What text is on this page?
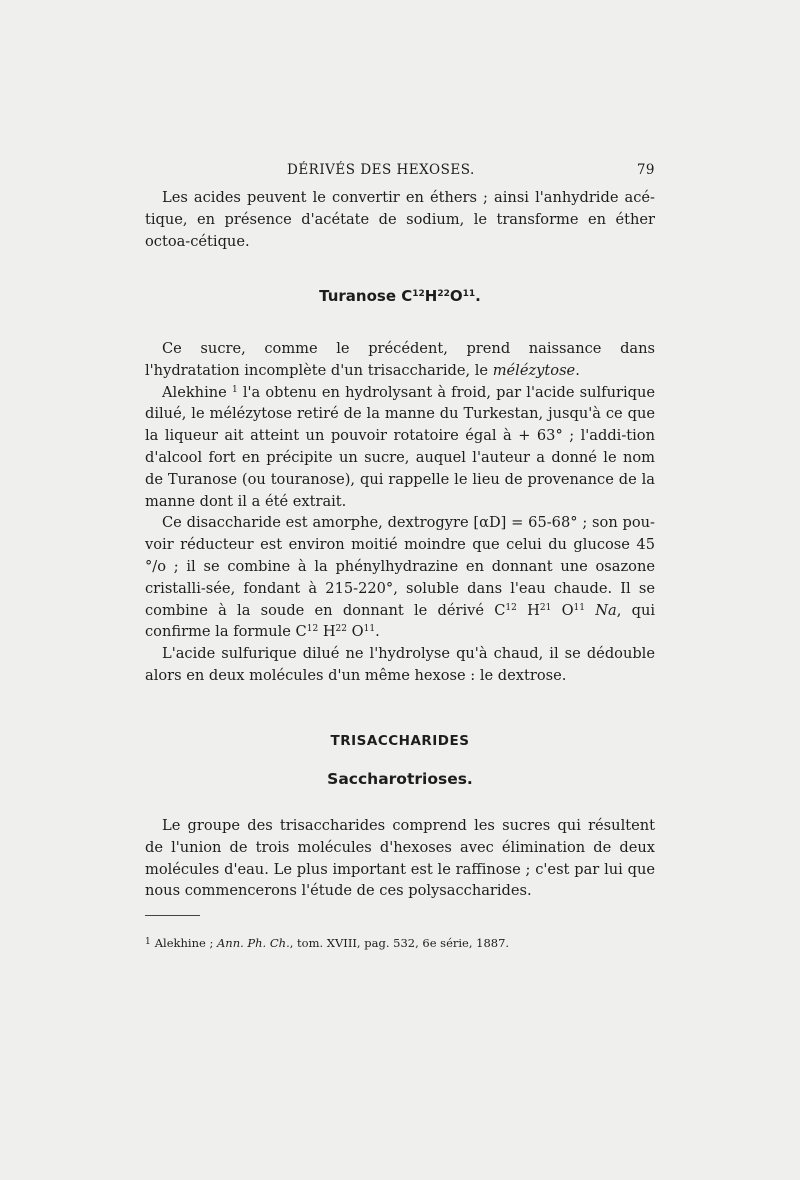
DÉRIVÉS DES HEXOSES.	79

Les acides peuvent le convertir en éthers ; ainsi l'anhydride acé-tique, en présence d'acétate de sodium, le transforme en éther octoa-cétique.

Turanose $C^{12}H^{22}O^{11}$.

Ce sucre, comme le précédent, prend naissance dans l'hydratation incomplète d'un trisaccharide, le mélézytose.

Alekhine $^1$ l'a obtenu en hydrolysant à froid, par l'acide sulfurique dilué, le mélézytose retiré de la manne du Turkestan, jusqu'à ce que la liqueur ait atteint un pouvoir rotatoire égal à + 63° ; l'addi-tion d'alcool fort en précipite un sucre, auquel l'auteur a donné le nom de Turanose (ou touranose), qui rappelle le lieu de provenance de la manne dont il a été extrait.

Ce disaccharide est amorphe, dextrogyre [αD] = 65-68° ; son pou-voir réducteur est environ moitié moindre que celui du glucose 45 °/o ; il se combine à la phénylhydrazine en donnant une osazone cristalli-sée, fondant à 215-220°, soluble dans l'eau chaude. Il se combine à la soude en donnant le dérivé $C^{12}$ $H^{21}$ $O^{11}$ Na, qui confirme la formule $C^{12}$ $H^{22}$ $O^{11}$.

L'acide sulfurique dilué ne l'hydrolyse qu'à chaud, il se dédouble alors en deux molécules d'un même hexose : le dextrose.

TRISACCHARIDES
Saccharotrioses.

Le groupe des trisaccharides comprend les sucres qui résultent de l'union de trois molécules d'hexoses avec élimination de deux molécules d'eau. Le plus important est le raffinose ; c'est par lui que nous commencerons l'étude de ces polysaccharides.

$^1$ Alekhine ; Ann. Ph. Ch., tom. XVIII, pag. 532, 6e série, 1887.
